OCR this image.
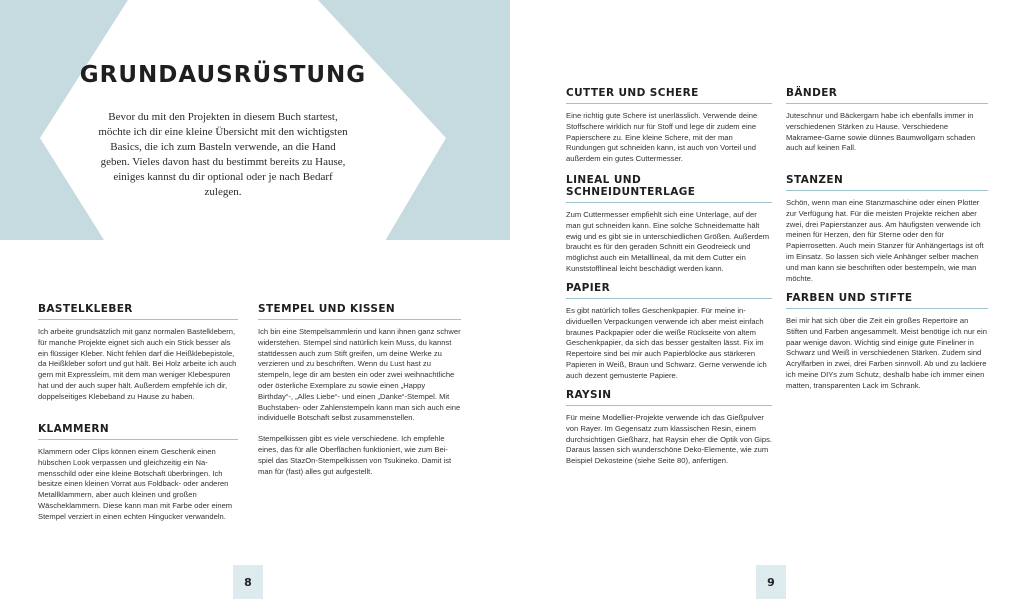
GRUNDAUSRÜSTUNG

Bevor du mit den Projekten in diesem Buch startest, möchte ich dir eine kleine Übersicht mit den wichtigsten Basics, die ich zum Basteln verwende, an die Hand geben. Vieles davon hast du bestimmt bereits zu Hause, einiges kannst du dir optional oder je nach Bedarf zulegen.

BASTELKLEBER

Ich arbeite grundsätzlich mit ganz normalen Bastelklebern, für manche Projekte eignet sich auch ein Stick besser als ein flüssiger Kleber. Nicht fehlen darf die Heißklebepistole, da Heißkleber sofort und gut hält. Bei Holz arbeite ich auch gern mit Expressleim, mit dem man weniger Klebespuren hat und der auch super hält. Außerdem empfehle ich dir, doppelseitiges Klebeband zu Hause zu haben.

KLAMMERN

Klammern oder Clips können einem Geschenk einen hübschen Look verpassen und gleichzeitig ein Namensschild oder eine kleine Botschaft überbringen. Ich besitze einen kleinen Vorrat aus Foldback- oder anderen Metallklammern, aber auch kleinen und großen Wäscheklammern. Diese kann man mit Farbe oder einem Stempel verziert in einen echten Hingucker verwandeln.

STEMPEL UND KISSEN

Ich bin eine Stempelsammlerin und kann ihnen ganz schwer widerstehen. Stempel sind natürlich kein Muss, du kannst stattdessen auch zum Stift greifen, um deine Werke zu verzieren und zu beschriften. Wenn du Lust hast zu stempeln, lege dir am besten ein oder zwei weihnachtliche oder österliche Exemplare zu sowie einen „Happy Birthday“-, „Alles Liebe“- und einen „Danke“-Stempel. Mit Buchstaben- oder Zahlenstempeln kann man sich auch eine individuelle Botschaft selbst zusammenstellen.

Stempelkissen gibt es viele verschiedene. Ich empfehle eines, das für alle Oberflächen funktioniert, wie zum Beispiel das StazOn-Stempelkissen von Tsukineko. Damit ist man für (fast) alles gut aufgestellt.

8
CUTTER UND SCHERE

Eine richtig gute Schere ist unerlässlich. Verwende deine Stoffschere wirklich nur für Stoff und lege dir zudem eine Papierschere zu. Eine kleine Schere, mit der man Rundungen gut schneiden kann, ist auch von Vorteil und außerdem ein gutes Cuttermesser.

LINEAL UND SCHNEIDUNTERLAGE

Zum Cuttermesser empfiehlt sich eine Unterlage, auf der man gut schneiden kann. Eine solche Schneidematte hält ewig und es gibt sie in unterschiedlichen Größen. Außerdem braucht es für den geraden Schnitt ein Geodreieck und möglichst auch ein Metalllineal, da mit dem Cutter ein Kunststofflineal leicht beschädigt werden kann.

PAPIER

Es gibt natürlich tolles Geschenkpapier. Für meine individuellen Verpackungen verwende ich aber meist einfach braunes Packpapier oder die weiße Rückseite von altem Geschenkpapier, da sich das besser gestalten lässt. Fix im Repertoire sind bei mir auch Papierblöcke aus stärkeren Papieren in Weiß, Braun und Schwarz. Gerne verwende ich auch dezent gemusterte Papiere.

RAYSIN

Für meine Modellier-Projekte verwende ich das Gießpulver von Rayer. Im Gegensatz zum klassischen Resin, einem durchsichtigen Gießharz, hat Raysin eher die Optik von Gips. Daraus lassen sich wunderschöne Deko-Elemente, wie zum Beispiel Dekosteine (siehe Seite 80), anfertigen.

BÄNDER

Juteschnur und Bäckergarn habe ich ebenfalls immer in verschiedenen Stärken zu Hause. Verschiedene Makramee-Garne sowie dünnes Baumwollgarn schaden auch auf keinen Fall.

STANZEN

Schön, wenn man eine Stanzmaschine oder einen Plotter zur Verfügung hat. Für die meisten Projekte reichen aber zwei, drei Papierstanzer aus. Am häufigsten verwende ich meinen für Herzen, den für Sterne oder den für Papierrosetten. Auch mein Stanzer für Anhängertags ist oft im Einsatz. So lassen sich viele Anhänger selber machen und man kann sie beschriften oder bestempeln, wie man möchte.

FARBEN UND STIFTE

Bei mir hat sich über die Zeit ein großes Repertoire an Stiften und Farben angesammelt. Meist benötige ich nur ein paar wenige davon. Wichtig sind einige gute Fineliner in Schwarz und Weiß in verschiedenen Stärken. Zudem sind Acrylfarben in zwei, drei Farben sinnvoll. Ab und zu lackiere ich meine DIYs zum Schutz, deshalb habe ich immer einen matten, transparenten Lack im Schrank.

9
